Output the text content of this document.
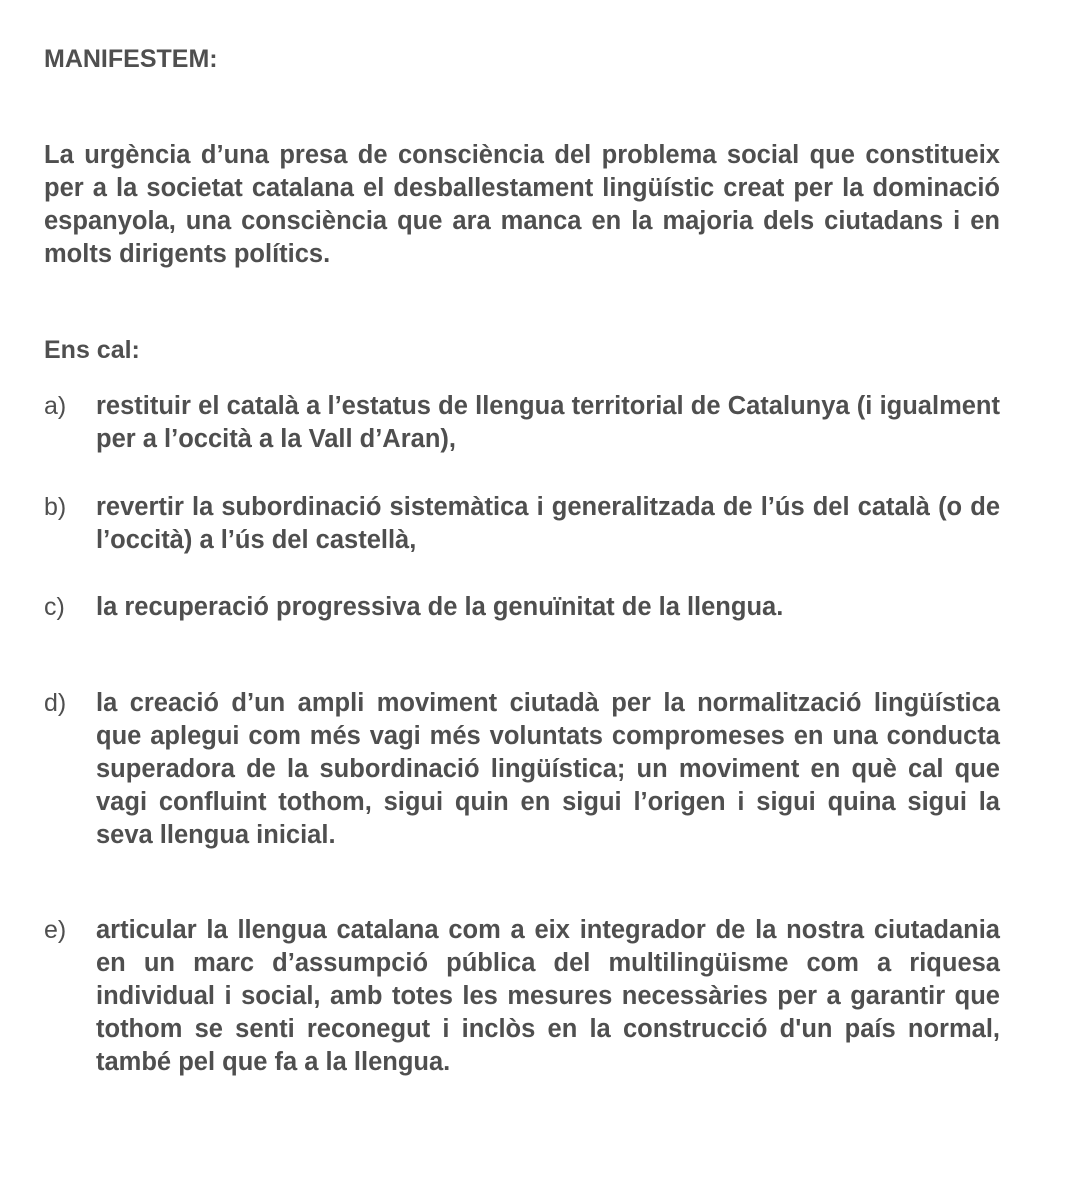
MANIFESTEM:
La urgència d’una presa de consciència del problema social que constitueix per a la societat catalana el desballestament lingüístic creat per la dominació espanyola, una consciència que ara manca en la majoria dels ciutadans i en molts dirigents polítics.
Ens cal:
a) restituir el català a l’estatus de llengua territorial de Catalunya (i igualment per a l’occità a la Vall d’Aran),
b) revertir la subordinació sistemàtica i generalitzada de l’ús del català (o de l’occità) a l’ús del castellà,
c) la recuperació progressiva de la genuïnitat de la llengua.
d) la creació d’un ampli moviment ciutadà per la normalització lingüística que aplegui com més vagi més voluntats compromeses en una conducta superadora de la subordinació lingüística; un moviment en què cal que vagi confluint tothom, sigui quin en sigui l’origen i sigui quina sigui la seva llengua inicial.
e) articular la llengua catalana com a eix integrador de la nostra ciutadania en un marc d’assumpció pública del multilingüisme com a riquesa individual i social, amb totes les mesures necessàries per a garantir que tothom se senti reconegut i inclòs en la construcció d'un país normal, també pel que fa a la llengua.
